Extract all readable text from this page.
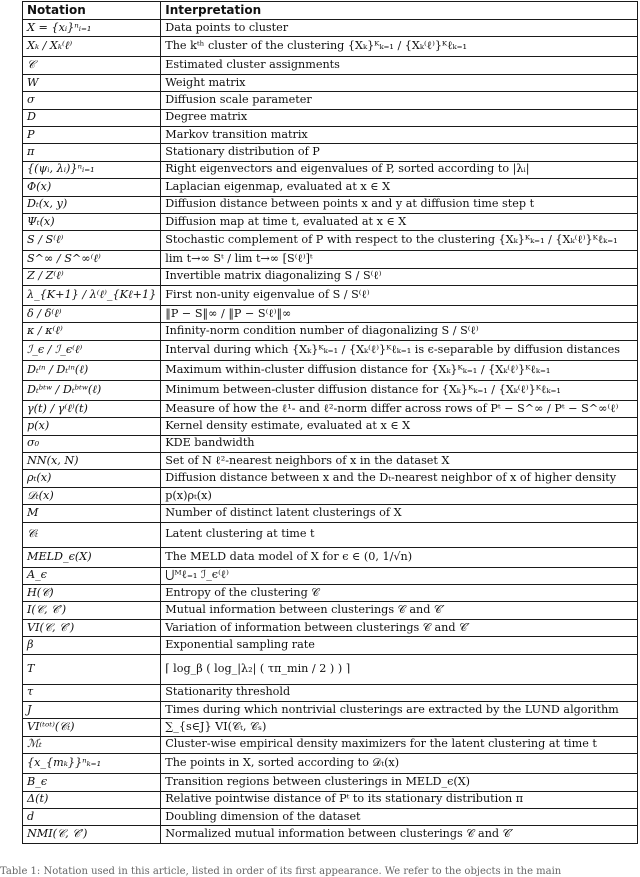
Notation	Interpretation
X = {xᵢ}ⁿᵢ₌₁	Data points to cluster
Xₖ / Xₖ⁽ℓ⁾	The kᵗʰ cluster of the clustering {Xₖ}ᴷₖ₌₁ / {Xₖ⁽ℓ⁾}ᴷℓₖ₌₁
𝒞	Estimated cluster assignments
W	Weight matrix
σ	Diffusion scale parameter
D	Degree matrix
P	Markov transition matrix
π	Stationary distribution of P
{(ψᵢ, λᵢ)}ⁿᵢ₌₁	Right eigenvectors and eigenvalues of P, sorted according to |λᵢ|
Φ(x)	Laplacian eigenmap, evaluated at x ∈ X
Dₜ(x, y)	Diffusion distance between points x and y at diffusion time step t
Ψₜ(x)	Diffusion map at time t, evaluated at x ∈ X
S / S⁽ℓ⁾	Stochastic complement of P with respect to the clustering {Xₖ}ᴷₖ₌₁ / {Xₖ⁽ℓ⁾}ᴷℓₖ₌₁
S^∞ / S^∞⁽ℓ⁾	lim t→∞ Sᵗ / lim t→∞ [S⁽ℓ⁾]ᵗ
Z / Z⁽ℓ⁾	Invertible matrix diagonalizing S / S⁽ℓ⁾
λ_{K+1} / λ⁽ℓ⁾_{Kℓ+1}	First non-unity eigenvalue of S / S⁽ℓ⁾
δ / δ⁽ℓ⁾	‖P − S‖∞ / ‖P − S⁽ℓ⁾‖∞
κ / κ⁽ℓ⁾	Infinity-norm condition number of diagonalizing S / S⁽ℓ⁾
ℐ_ϵ / ℐ_ϵ⁽ℓ⁾	Interval during which {Xₖ}ᴷₖ₌₁ / {Xₖ⁽ℓ⁾}ᴷℓₖ₌₁ is ϵ-separable by diffusion distances
Dₜⁱⁿ / Dₜⁱⁿ(ℓ)	Maximum within-cluster diffusion distance for {Xₖ}ᴷₖ₌₁ / {Xₖ⁽ℓ⁾}ᴷℓₖ₌₁
Dₜᵇᵗʷ / Dₜᵇᵗʷ(ℓ)	Minimum between-cluster diffusion distance for {Xₖ}ᴷₖ₌₁ / {Xₖ⁽ℓ⁾}ᴷℓₖ₌₁
γ(t) / γ⁽ℓ⁾(t)	Measure of how the ℓ¹- and ℓ²-norm differ across rows of Pᵗ − S^∞ / Pᵗ − S^∞⁽ℓ⁾
p(x)	Kernel density estimate, evaluated at x ∈ X
σ₀	KDE bandwidth
NN(x, N)	Set of N ℓ²-nearest neighbors of x in the dataset X
ρₜ(x)	Diffusion distance between x and the Dₜ-nearest neighbor of x of higher density
𝒟ₜ(x)	p(x)ρₜ(x)
M	Number of distinct latent clusterings of X
𝒞ₜ	Latent clustering at time t
MELD_ϵ(X)	The MELD data model of X for ϵ ∈ (0, 1/√n)
A_ϵ	⋃ᴹℓ₌₁ ℐ_ϵ⁽ℓ⁾
H(𝒞)	Entropy of the clustering 𝒞
I(𝒞, 𝒞′)	Mutual information between clusterings 𝒞 and 𝒞′
VI(𝒞, 𝒞′)	Variation of information between clusterings 𝒞 and 𝒞′
β	Exponential sampling rate
T	⌈ log_β ( log_|λ₂| ( τπ_min / 2 ) ) ⌉
τ	Stationarity threshold
J	Times during which nontrivial clusterings are extracted by the LUND algorithm
VI⁽ᵗᵒᵗ⁾(𝒞ₜ)	∑_{s∈J} VI(𝒞ₜ, 𝒞ₛ)
ℳₜ	Cluster-wise empirical density maximizers for the latent clustering at time t
{x_{mₖ}}ⁿₖ₌₁	The points in X, sorted according to 𝒟ₜ(x)
B_ϵ	Transition regions between clusterings in MELD_ϵ(X)
Δ(t)	Relative pointwise distance of Pᵗ to its stationary distribution π
d	Doubling dimension of the dataset
NMI(𝒞, 𝒞′)	Normalized mutual information between clusterings 𝒞 and 𝒞′
Table 1: Notation used in this article, listed in order of its first appearance. We refer to the objects in the main
